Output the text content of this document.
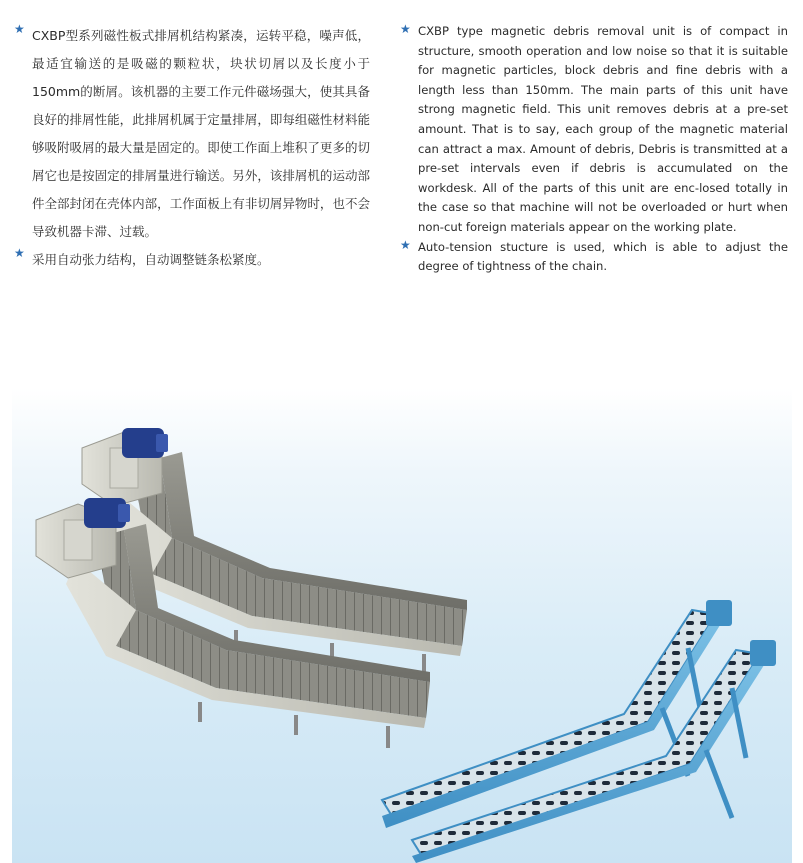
★ CXBP型系列磁性板式排屑机结构紧凑，运转平稳，噪声低，最适宜输送的是吸磁的颗粒状，块状切屑以及长度小于150mm的断屑。该机器的主要工作元件磁场强大，使其具备良好的排屑性能，此排屑机属于定量排屑，即每组磁性材料能够吸附吸屑的最大量是固定的。即使工作面上堆积了更多的切屑它也是按固定的排屑量进行输送。另外，该排屑机的运动部件全部封闭在壳体内部，工作面板上有非切屑异物时，也不会导致机器卡滞、过载。

★ 采用自动张力结构，自动调整链条松紧度。

★ CXBP type magnetic debris removal unit is of compact in structure, smooth operation and low noise so that it is suitable for magnetic particles, block debris and fine debris with a length less than 150mm. The main parts of this unit have strong magnetic field. This unit removes debris at a pre-set amount. That is to say, each group of the magnetic material can attract a max. Amount of debris, Debris is transmitted at a pre-set intervals even if debris is accumulated on the workdesk. All of the parts of this unit are enc-losed totally in the case so that machine will not be overloaded or hurt when non-cut foreign materials appear on the working plate.

★ Auto-tension stucture is used, which is able to adjust the degree of tightness of the chain.
